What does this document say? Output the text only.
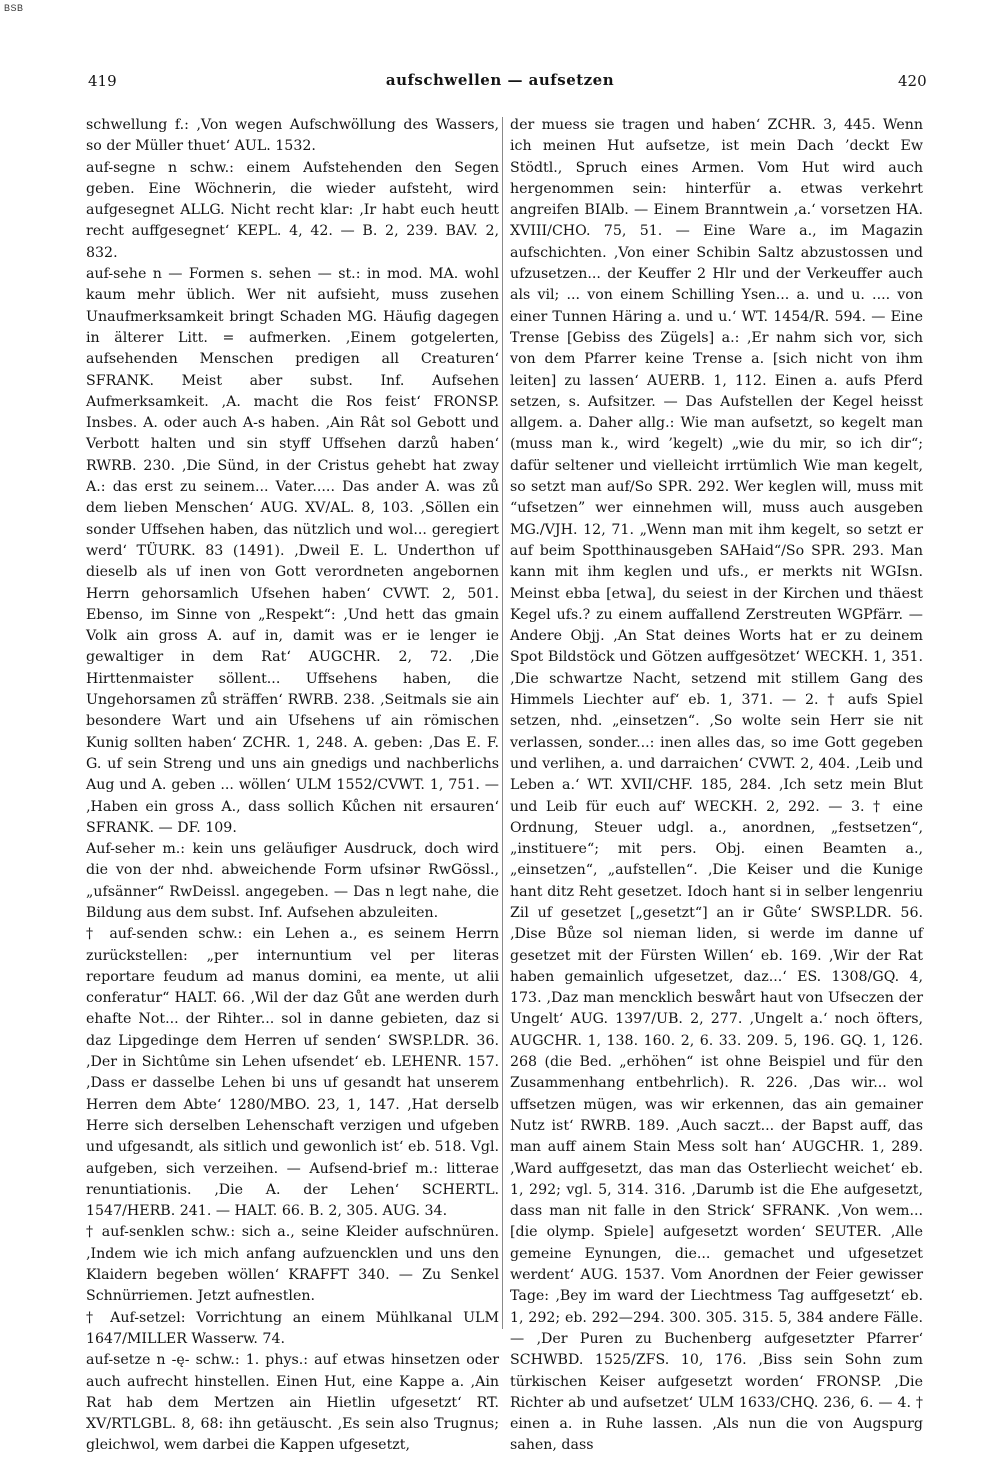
BSB
419	aufschwellen — aufsetzen	420

schwellung f.: ‚Von wegen Aufschwöllung des Wassers, so der Müller thuet‘ AUL. 1532.

auf-segne n schw.: einem Aufstehenden den Segen geben. Eine Wöchnerin, die wieder aufsteht, wird aufgesegnet ALLG. Nicht recht klar: ‚Ir habt euch heutt recht auffgesegnet‘ KEPL. 4, 42. — B. 2, 239. BAV. 2, 832.

auf-sehe n — Formen s. sehen — st.: in mod. MA. wohl kaum mehr üblich. Wer nit aufsieht, muss zusehen Unaufmerksamkeit bringt Schaden MG. Häufig dagegen in älterer Litt. = aufmerken. ‚Einem gotgelerten, aufsehenden Menschen predigen all Creaturen‘ SFRANK. Meist aber subst. Inf. Aufsehen Aufmerksamkeit. ‚A. macht die Ros feist‘ FRONSP. Insbes. A. oder auch A-s haben. ‚Ain Rât sol Gebott und Verbott halten und sin styff Uffsehen darzů haben‘ RWRB. 230. ‚Die Sünd, in der Cristus gehebt hat zway A.: das erst zu seinem... Vater..... Das ander A. was zů dem lieben Menschen‘ AUG. XV/AL. 8, 103. ‚Söllen ein sonder Uffsehen haben, das nützlich und wol... geregiert werd‘ TÜURK. 83 (1491). ‚Dweil E. L. Underthon uf dieselb als uf inen von Gott verordneten angebornen Herrn gehorsamlich Ufsehen haben‘ CVWT. 2, 501. Ebenso, im Sinne von „Respekt“: ‚Und hett das gmain Volk ain gross A. auf in, damit was er ie lenger ie gewaltiger in dem Rat‘ AUGCHR. 2, 72. ‚Die Hirttenmaister söllent... Uffsehens haben, die Ungehorsamen zů sträffen‘ RWRB. 238. ‚Seitmals sie ain besondere Wart und ain Ufsehens uf ain römischen Kunig sollten haben‘ ZCHR. 1, 248. A. geben: ‚Das E. F. G. uf sein Streng und uns ain gnedigs und nachberlichs Aug und A. geben ... wöllen‘ ULM 1552/CVWT. 1, 751. — ‚Haben ein gross A., dass sollich Kůchen nit ersauren‘ SFRANK. — DF. 109.

Auf-seher m.: kein uns geläufiger Ausdruck, doch wird die von der nhd. abweichende Form ufsinər RwGössl., „ufsänner“ RwDeissl. angegeben. — Das n legt nahe, die Bildung aus dem subst. Inf. Aufsehen abzuleiten.

† auf-senden schw.: ein Lehen a., es seinem Herrn zurückstellen: „per internuntium vel per literas reportare feudum ad manus domini, ea mente, ut alii conferatur“ HALT. 66. ‚Wil der daz Gůt ane werden durh ehafte Not... der Rihter... sol in danne gebieten, daz si daz Lipgedinge dem Herren uf senden‘ SWSP.LDR. 36. ‚Der in Sichtûme sin Lehen ufsendet‘ eb. LEHENR. 157. ‚Dass er dasselbe Lehen bi uns uf gesandt hat unserem Herren dem Abte‘ 1280/MBO. 23, 1, 147. ‚Hat derselb Herre sich derselben Lehenschaft verzigen und ufgeben und ufgesandt, als sitlich und gewonlich ist‘ eb. 518. Vgl. aufgeben, sich verzeihen. — Aufsend-brief m.: litterae renuntiationis. ‚Die A. der Lehen‘ SCHERTL. 1547/HERB. 241. — HALT. 66. B. 2, 305. AUG. 34.

† auf-senklen schw.: sich a., seine Kleider aufschnüren. ‚Indem wie ich mich anfang aufzuencklen und uns den Klaidern begeben wöllen‘ KRAFFT 340. — Zu Senkel Schnürriemen. Jetzt aufnestlen.

† Auf-setzel: Vorrichtung an einem Mühlkanal ULM 1647/MILLER Wasserw. 74.

auf-setze n -ę- schw.: 1. phys.: auf etwas hinsetzen oder auch aufrecht hinstellen. Einen Hut, eine Kappe a. ‚Ain Rat hab dem Mertzen ain Hietlin ufgesetzt‘ RT. XV/RTLGBL. 8, 68: ihn getäuscht. ‚Es sein also Trugnus; gleichwol, wem darbei die Kappen ufgesetzt,

der muess sie tragen und haben‘ ZCHR. 3, 445. Wenn ich meinen Hut aufsetze, ist mein Dach ’deckt Ew Stödtl., Spruch eines Armen. Vom Hut wird auch hergenommen sein: hinterfür a. etwas verkehrt angreifen BIAlb. — Einem Branntwein ‚a.‘ vorsetzen HA. XVIII/CHO. 75, 51. — Eine Ware a., im Magazin aufschichten. ‚Von einer Schibin Saltz abzustossen und ufzusetzen... der Keuffer 2 Hlr und der Verkeuffer auch als vil; ... von einem Schilling Ysen... a. und u. .... von einer Tunnen Häring a. und u.‘ WT. 1454/R. 594. — Eine Trense [Gebiss des Zügels] a.: ‚Er nahm sich vor, sich von dem Pfarrer keine Trense a. [sich nicht von ihm leiten] zu lassen‘ AUERB. 1, 112. Einen a. aufs Pferd setzen, s. Aufsitzer. — Das Aufstellen der Kegel heisst allgem. a. Daher allg.: Wie man aufsetzt, so kegelt man (muss man k., wird ’kegelt) „wie du mir, so ich dir“; dafür seltener und vielleicht irrtümlich Wie man kegelt, so setzt man auf/So SPR. 292. Wer keglen will, muss mit “ufsetzen” wer einnehmen will, muss auch ausgeben MG./VJH. 12, 71. „Wenn man mit ihm kegelt, so setzt er auf beim Spotthinausgeben SAHaid“/So SPR. 293. Man kann mit ihm keglen und ufs., er merkts nit WGIsn. Meinst ebba [etwa], du seiest in der Kirchen und thäest Kegel ufs.? zu einem auffallend Zerstreuten WGPfärr. — Andere Objj. ‚An Stat deines Worts hat er zu deinem Spot Bildstöck und Götzen auffgesötzet‘ WECKH. 1, 351. ‚Die schwartze Nacht, setzend mit stillem Gang des Himmels Liechter auf‘ eb. 1, 371. — 2. † aufs Spiel setzen, nhd. „einsetzen“. ‚So wolte sein Herr sie nit verlassen, sonder...: inen alles das, so ime Gott gegeben und verlihen, a. und darraichen‘ CVWT. 2, 404. ‚Leib und Leben a.‘ WT. XVII/CHF. 185, 284. ‚Ich setz mein Blut und Leib für euch auf‘ WECKH. 2, 292. — 3. † eine Ordnung, Steuer udgl. a., anordnen, „festsetzen“, „instituere“; mit pers. Obj. einen Beamten a., „einsetzen“, „aufstellen“. ‚Die Keiser und die Kunige hant ditz Reht gesetzet. Idoch hant si in selber lengenriu Zil uf gesetzet [„gesetzt“] an ir Gůte‘ SWSP.LDR. 56. ‚Dise Bůze sol nieman liden, si werde im danne uf gesetzet mit der Fürsten Willen‘ eb. 169. ‚Wir der Rat haben gemainlich ufgesetzet, daz...‘ ES. 1308/GQ. 4, 173. ‚Daz man mencklich beswårt haut von Ufseczen der Ungelt‘ AUG. 1397/UB. 2, 277. ‚Ungelt a.‘ noch öfters, AUGCHR. 1, 138. 160. 2, 6. 33. 209. 5, 196. GQ. 1, 126. 268 (die Bed. „erhöhen“ ist ohne Beispiel und für den Zusammenhang entbehrlich). R. 226. ‚Das wir... wol uffsetzen mügen, was wir erkennen, das ain gemainer Nutz ist‘ RWRB. 189. ‚Auch saczt... der Bapst auff, das man auff ainem Stain Mess solt han‘ AUGCHR. 1, 289. ‚Ward auffgesetzt, das man das Osterliecht weichet‘ eb. 1, 292; vgl. 5, 314. 316. ‚Darumb ist die Ehe aufgesetzt, dass man nit falle in den Strick‘ SFRANK. ‚Von wem... [die olymp. Spiele] aufgesetzt worden‘ SEUTER. ‚Alle gemeine Eynungen, die... gemachet und ufgesetzet werdent‘ AUG. 1537. Vom Anordnen der Feier gewisser Tage: ‚Bey im ward der Liechtmess Tag auffgesetzt‘ eb. 1, 292; eb. 292—294. 300. 305. 315. 5, 384 andere Fälle. — ‚Der Puren zu Buchenberg aufgesetzter Pfarrer‘ SCHWBD. 1525/ZFS. 10, 176. ‚Biss sein Sohn zum türkischen Keiser aufgesetzt worden‘ FRONSP. ‚Die Richter ab und aufsetzet‘ ULM 1633/CHQ. 236, 6. — 4. † einen a. in Ruhe lassen. ‚Als nun die von Augspurg sahen, dass
